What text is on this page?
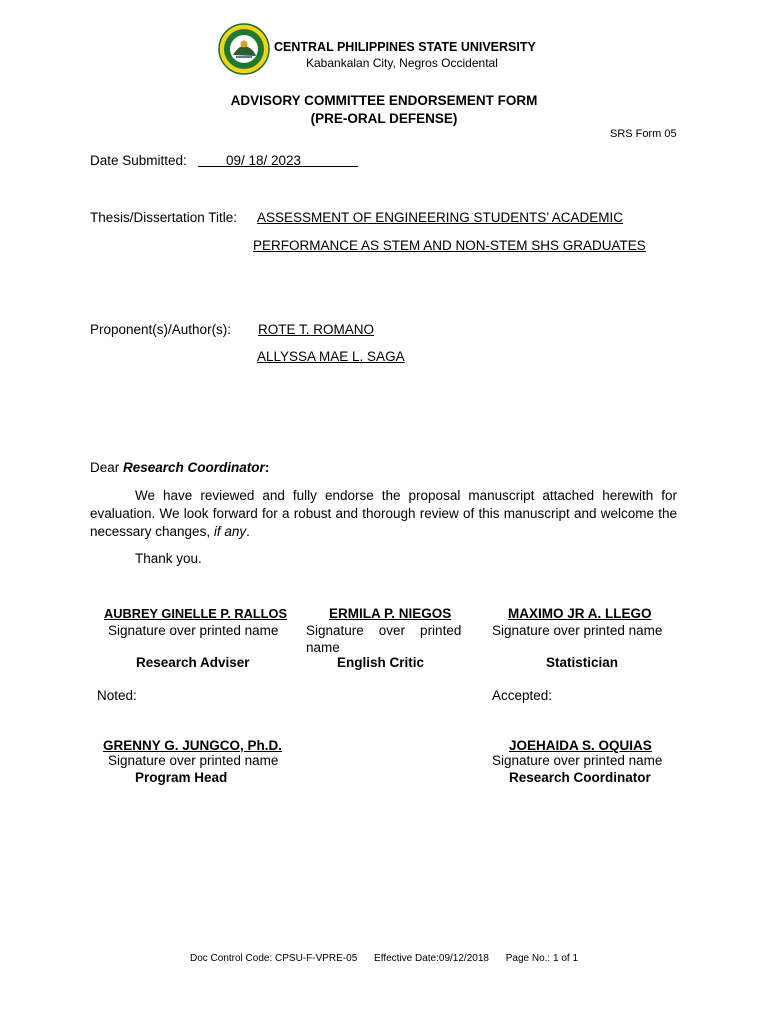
CENTRAL PHILIPPINES STATE UNIVERSITY
Kabankalan City, Negros Occidental
ADVISORY COMMITTEE ENDORSEMENT FORM
(PRE-ORAL DEFENSE)
SRS Form 05
Date Submitted:	09/ 18/ 2023
Thesis/Dissertation Title: ASSESSMENT OF ENGINEERING STUDENTS’ ACADEMIC
PERFORMANCE AS STEM AND NON-STEM SHS GRADUATES
Proponent(s)/Author(s): ROTE T. ROMANO
ALLYSSA MAE L. SAGA
Dear Research Coordinator:
We have reviewed and fully endorse the proposal manuscript attached herewith for evaluation. We look forward for a robust and thorough review of this manuscript and welcome the necessary changes, if any.
Thank you.
AUBREY GINELLE P. RALLOS
Signature over printed name
Research Adviser
ERMILA P. NIEGOS
Signature    over    printed
name
English Critic
MAXIMO JR A. LLEGO
Signature over printed name
Statistician
Noted:	Accepted:
GRENNY G. JUNGCO, Ph.D.
Signature over printed name
Program Head
JOEHAIDA S. OQUIAS
Signature over printed name
Research Coordinator
Doc Control Code: CPSU-F-VPRE-05 Effective Date:09/12/2018 Page No.: 1 of 1
